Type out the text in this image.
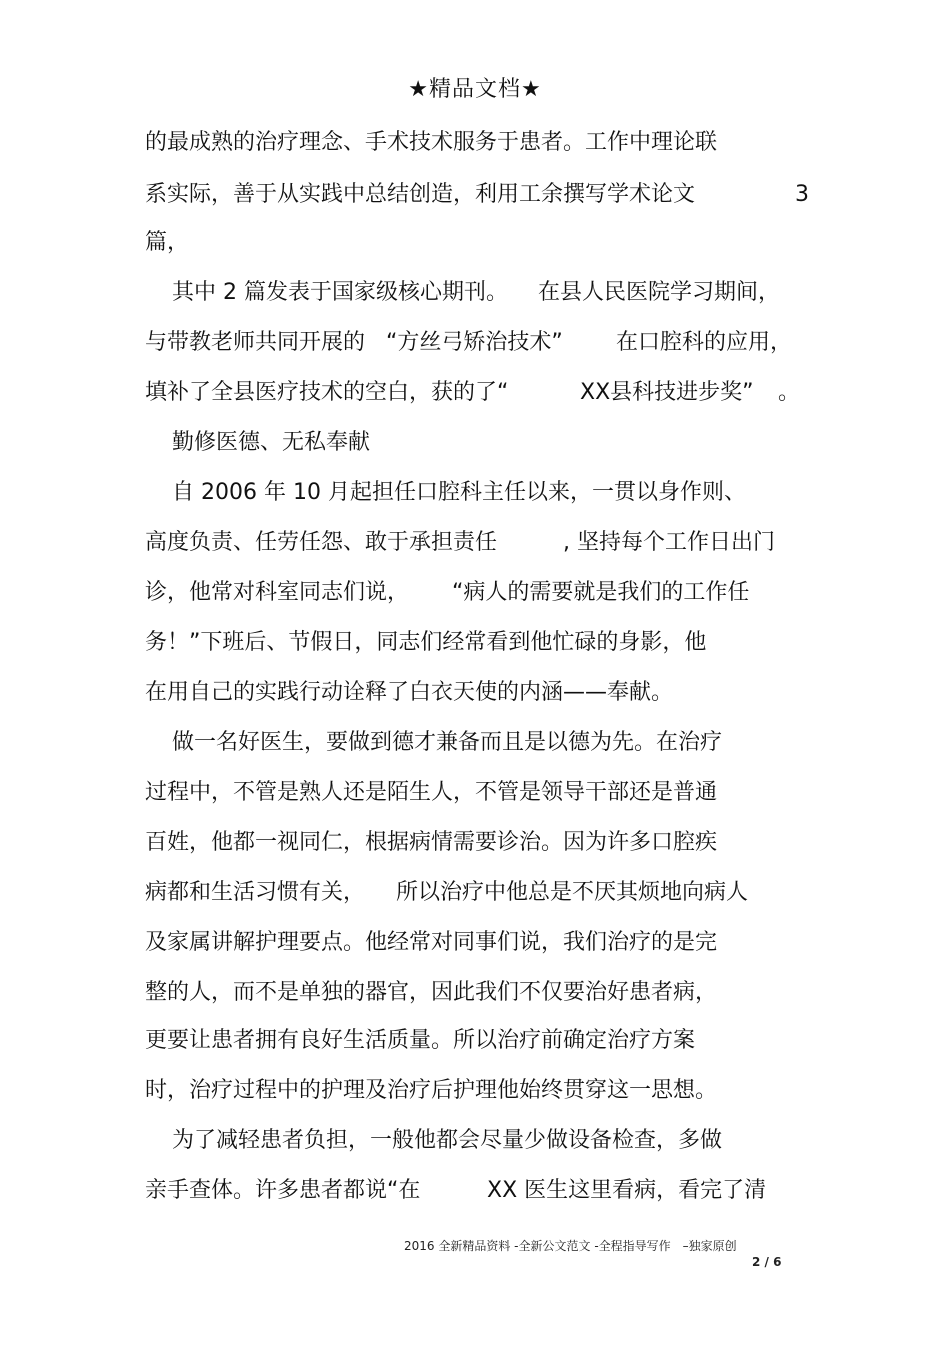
★精品文档★
的最成熟的治疗理念、手术技术服务于患者。工作中理论联
系实际，善于从实践中总结创造，利用工余撰写学术论文	3
篇，
其中 2 篇发表于国家级核心期刊。 在县人民医院学习期间，
与带教老师共同开展的 “方丝弓矫治技术” 在口腔科的应用，
填补了全县医疗技术的空白，获的了“	XX县科技进步奖” 。
勤修医德、无私奉献
自 2006 年 10 月起担任口腔科主任以来，一贯以身作则、
高度负责、任劳任怨、敢于承担责任	, 坚持每个工作日出门
诊，他常对科室同志们说， “病人的需要就是我们的工作任
务！”下班后、节假日，同志们经常看到他忙碌的身影，他
在用自己的实践行动诠释了白衣天使的内涵——奉献。
做一名好医生，要做到德才兼备而且是以德为先。在治疗
过程中，不管是熟人还是陌生人，不管是领导干部还是普通
百姓，他都一视同仁，根据病情需要诊治。因为许多口腔疾
病都和生活习惯有关， 所以治疗中他总是不厌其烦地向病人
及家属讲解护理要点。他经常对同事们说，我们治疗的是完
整的人，而不是单独的器官，因此我们不仅要治好患者病，
更要让患者拥有良好生活质量。所以治疗前确定治疗方案
时，治疗过程中的护理及治疗后护理他始终贯穿这一思想。
为了减轻患者负担，一般他都会尽量少做设备检查，多做
亲手查体。许多患者都说“在	XX 医生这里看病，看完了清
2016 全新精品资料 -全新公文范文 -全程指导写作　–独家原创
2 / 6
